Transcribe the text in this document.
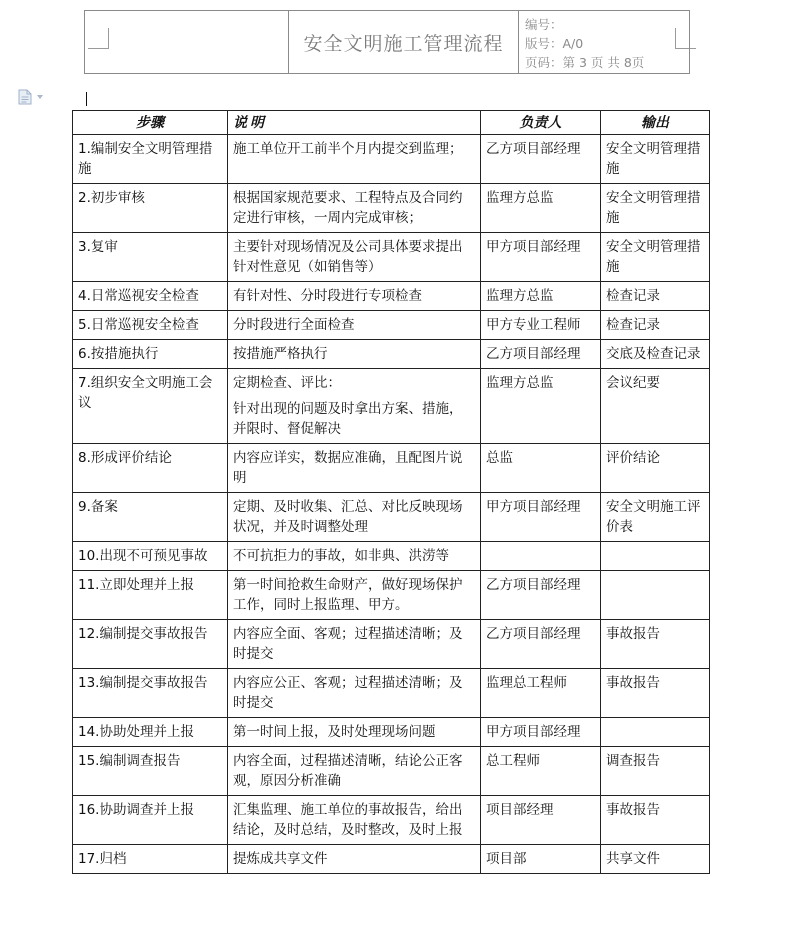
安全文明施工管理流程
编号：
版号：A/0
页码：第 3 页 共 8页
步骤	说明	负责人	输出
1.编制安全文明管理措施	施工单位开工前半个月内提交到监理；	乙方项目部经理	安全文明管理措施
2.初步审核	根据国家规范要求、工程特点及合同约定进行审核，一周内完成审核；	监理方总监	安全文明管理措施
3.复审	主要针对现场情况及公司具体要求提出针对性意见（如销售等）	甲方项目部经理	安全文明管理措施
4.日常巡视安全检查	有针对性、分时段进行专项检查	监理方总监	检查记录
5.日常巡视安全检查	分时段进行全面检查	甲方专业工程师	检查记录
6.按措施执行	按措施严格执行	乙方项目部经理	交底及检查记录
7.组织安全文明施工会议	定期检查、评比：
针对出现的问题及时拿出方案、措施，并限时、督促解决	监理方总监	会议纪要
8.形成评价结论	内容应详实，数据应准确，且配图片说明	总监	评价结论
9.备案	定期、及时收集、汇总、对比反映现场状况，并及时调整处理	甲方项目部经理	安全文明施工评价表
10.出现不可预见事故	不可抗拒力的事故，如非典、洪涝等		

11.立即处理并上报	第一时间抢救生命财产，做好现场保护工作，同时上报监理、甲方。	乙方项目部经理	
12.编制提交事故报告	内容应全面、客观；过程描述清晰；及时提交	乙方项目部经理	事故报告
13.编制提交事故报告	内容应公正、客观；过程描述清晰；及时提交	监理总工程师	事故报告
14.协助处理并上报	第一时间上报，及时处理现场问题	甲方项目部经理	
15.编制调查报告	内容全面，过程描述清晰，结论公正客观，原因分析准确	总工程师	调查报告
16.协助调查并上报	汇集监理、施工单位的事故报告，给出结论，及时总结，及时整改，及时上报	项目部经理	事故报告
17.归档	提炼成共享文件	项目部	共享文件
